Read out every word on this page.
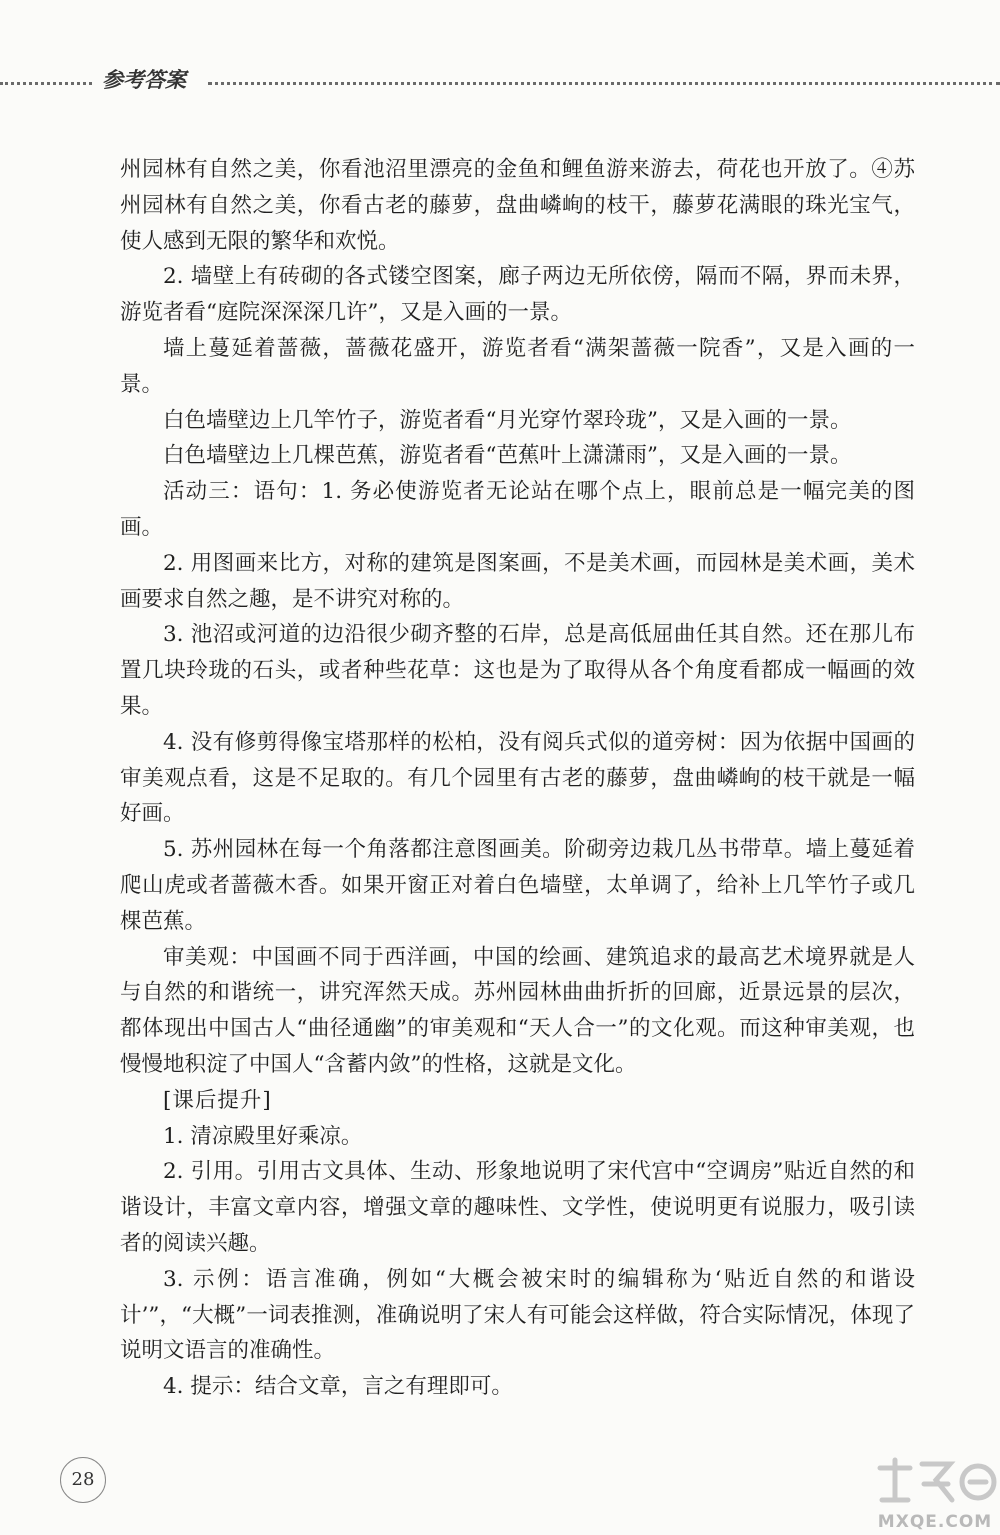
参考答案

州园林有自然之美，你看池沼里漂亮的金鱼和鲤鱼游来游去，荷花也开放了。④苏州园林有自然之美，你看古老的藤萝，盘曲嶙峋的枝干，藤萝花满眼的珠光宝气，使人感到无限的繁华和欢悦。

2. 墙壁上有砖砌的各式镂空图案，廊子两边无所依傍，隔而不隔，界而未界，游览者看“庭院深深深几许”，又是入画的一景。

墙上蔓延着蔷薇，蔷薇花盛开，游览者看“满架蔷薇一院香”，又是入画的一景。

白色墙壁边上几竿竹子，游览者看“月光穿竹翠玲珑”，又是入画的一景。

白色墙壁边上几棵芭蕉，游览者看“芭蕉叶上潇潇雨”，又是入画的一景。

活动三：语句：1. 务必使游览者无论站在哪个点上，眼前总是一幅完美的图画。

2. 用图画来比方，对称的建筑是图案画，不是美术画，而园林是美术画，美术画要求自然之趣，是不讲究对称的。

3. 池沼或河道的边沿很少砌齐整的石岸，总是高低屈曲任其自然。还在那儿布置几块玲珑的石头，或者种些花草：这也是为了取得从各个角度看都成一幅画的效果。

4. 没有修剪得像宝塔那样的松柏，没有阅兵式似的道旁树：因为依据中国画的审美观点看，这是不足取的。有几个园里有古老的藤萝，盘曲嶙峋的枝干就是一幅好画。

5. 苏州园林在每一个角落都注意图画美。阶砌旁边栽几丛书带草。墙上蔓延着爬山虎或者蔷薇木香。如果开窗正对着白色墙壁，太单调了，给补上几竿竹子或几棵芭蕉。

审美观：中国画不同于西洋画，中国的绘画、建筑追求的最高艺术境界就是人与自然的和谐统一，讲究浑然天成。苏州园林曲曲折折的回廊，近景远景的层次，都体现出中国古人“曲径通幽”的审美观和“天人合一”的文化观。而这种审美观，也慢慢地积淀了中国人“含蓄内敛”的性格，这就是文化。

[课后提升]

1. 清凉殿里好乘凉。

2. 引用。引用古文具体、生动、形象地说明了宋代宫中“空调房”贴近自然的和谐设计，丰富文章内容，增强文章的趣味性、文学性，使说明更有说服力，吸引读者的阅读兴趣。

3. 示例：语言准确，例如“大概会被宋时的编辑称为‘贴近自然的和谐设计’”，“大概”一词表推测，准确说明了宋人有可能会这样做，符合实际情况，体现了说明文语言的准确性。

4. 提示：结合文章，言之有理即可。

28
MXQE.COM
